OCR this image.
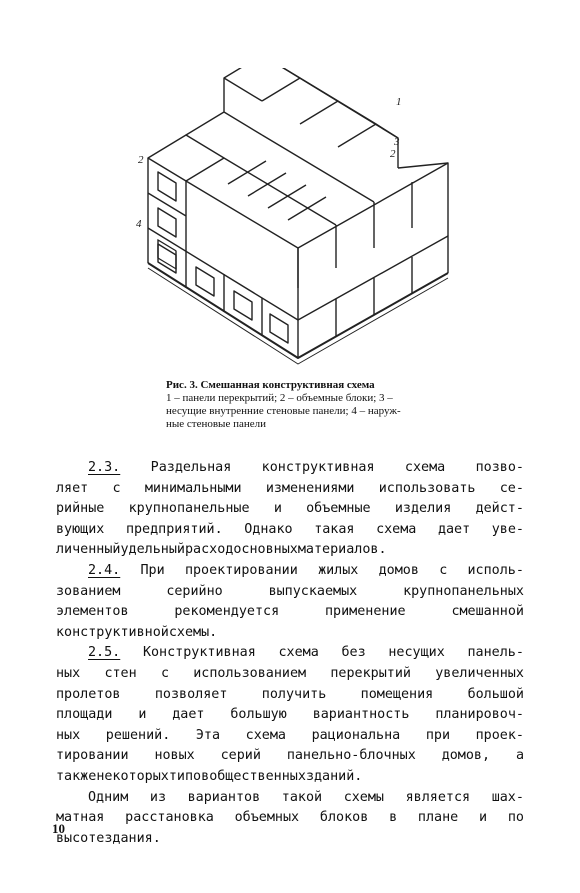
1
2
3
4
2
Рис. 3. Смешанная конструктивная схема
1 – панели перекрытий; 2 – объемные блоки; 3 –
несущие внутренние стеновые панели; 4 – наруж-
ные стеновые панели
2.3. Раздельная конструктивная схема позво-
ляет с минимальными изменениями использовать се-
рийные крупнопанельные и объемные изделия дейст-
вующих предприятий. Однако такая схема дает уве-
личенный удельный расход основных материалов.
2.4. При проектировании жилых домов с исполь-
зованием	серийно	выпускаемых	крупнопанельных
элементов	рекомендуется	применение	смешанной
конструктивной схемы.
2.5. Конструктивная схема без несущих панель-
ных стен с использованием перекрытий увеличенных
пролетов	позволяет	получить	помещения	большой
площади и дает большую вариантность планировоч-
ных решений. Эта схема рациональна при проек-
тировании новых серий панельно-блочных домов, а
также некоторых типов общественных зданий.
Одним из вариантов такой схемы является шах-
матная расстановка объемных блоков в плане и по
высоте здания.
10
